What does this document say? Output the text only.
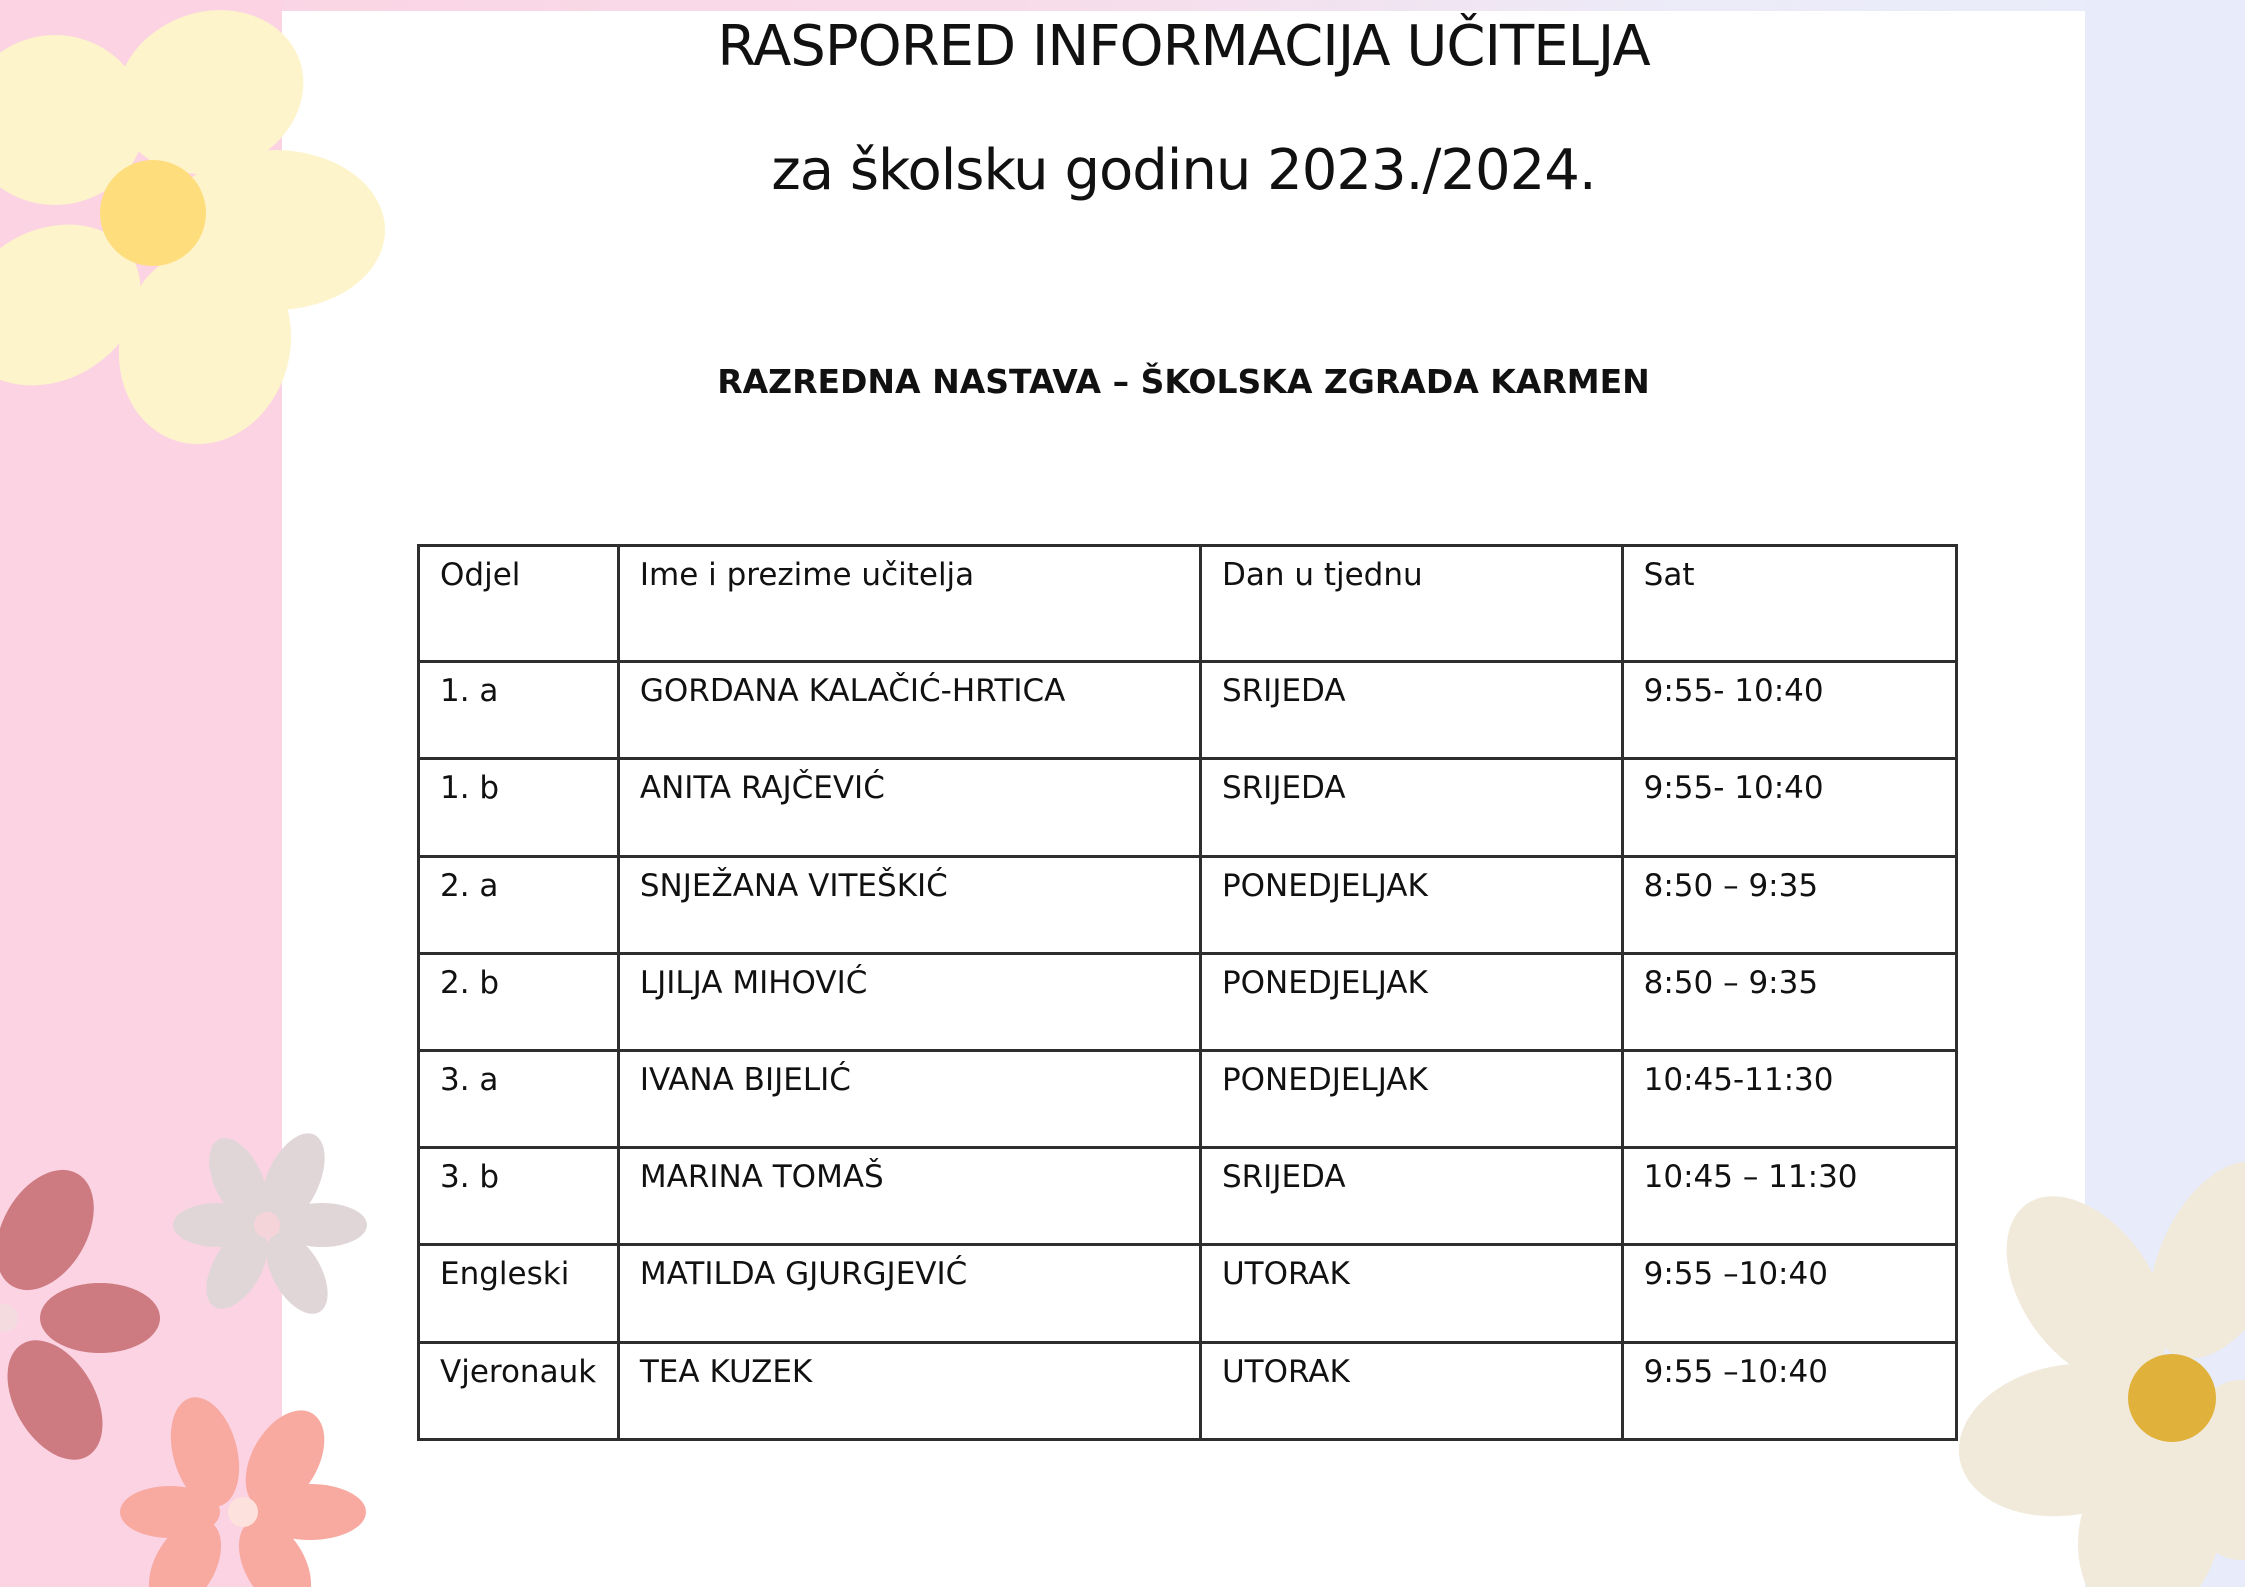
RASPORED INFORMACIJA UČITELJA
za školsku godinu 2023./2024.
RAZREDNA NASTAVA – ŠKOLSKA ZGRADA KARMEN
Odjel	Ime i prezime učitelja	Dan u tjednu	Sat
1. a	GORDANA KALAČIĆ-HRTICA	SRIJEDA	9:55- 10:40
1. b	ANITA RAJČEVIĆ	SRIJEDA	9:55- 10:40
2. a	SNJEŽANA VITEŠKIĆ	PONEDJELJAK	8:50 – 9:35
2. b	LJILJA MIHOVIĆ	PONEDJELJAK	8:50 – 9:35
3. a	IVANA BIJELIĆ	PONEDJELJAK	10:45-11:30
3. b	MARINA TOMAŠ	SRIJEDA	10:45 – 11:30
Engleski	MATILDA GJURGJEVIĆ	UTORAK	9:55 –10:40
Vjeronauk	TEA KUZEK	UTORAK	9:55 –10:40
